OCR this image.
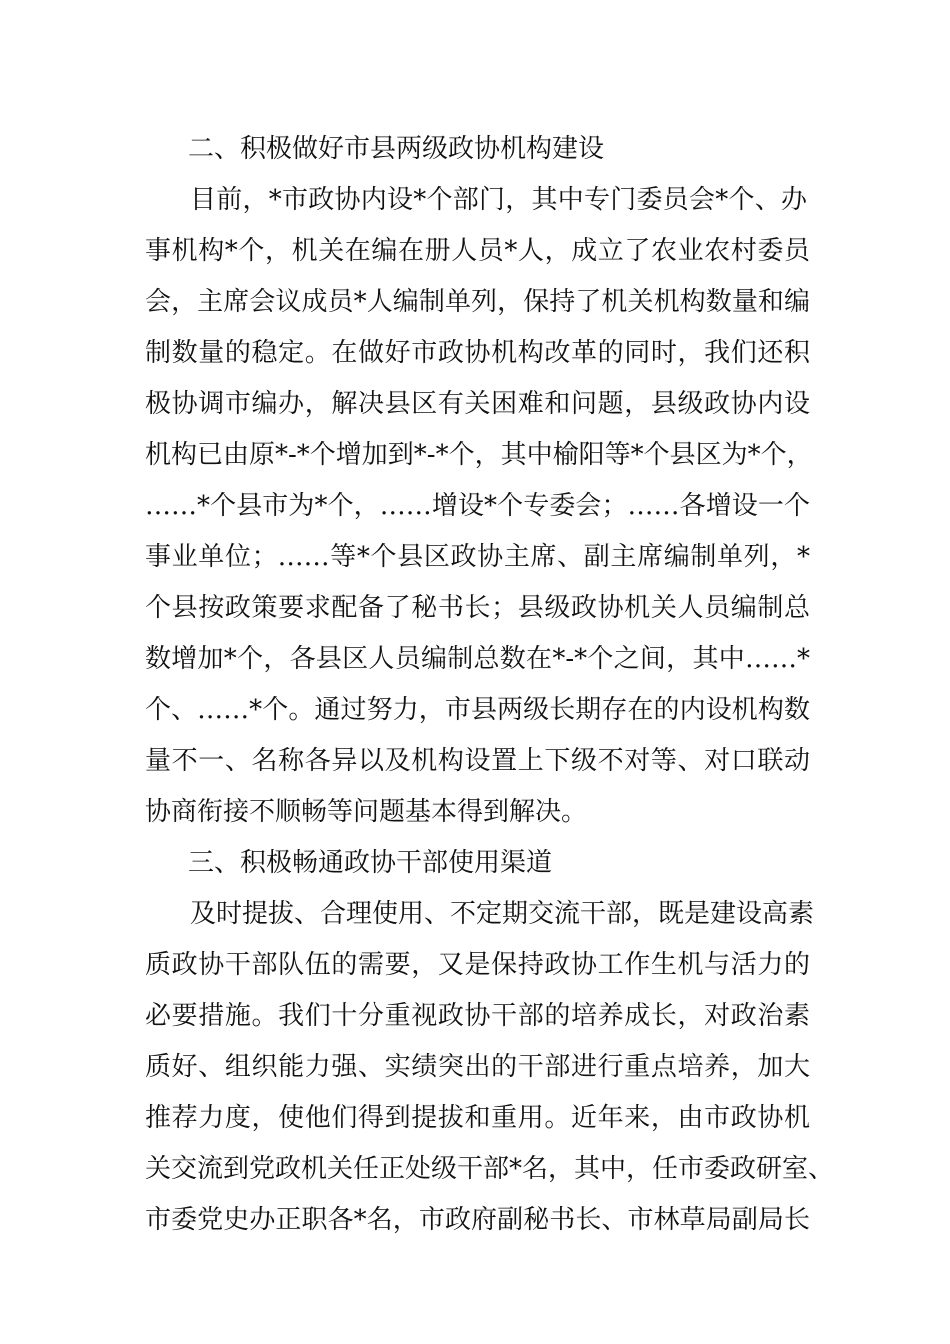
二、积极做好市县两级政协机构建设
目前，*市政协内设*个部门，其中专门委员会*个、办
事机构*个，机关在编在册人员*人，成立了农业农村委员
会，主席会议成员*人编制单列，保持了机关机构数量和编
制数量的稳定。在做好市政协机构改革的同时，我们还积
极协调市编办，解决县区有关困难和问题，县级政协内设
机构已由原*-*个增加到*-*个，其中榆阳等*个县区为*个，
……*个县市为*个，……增设*个专委会；……各增设一个
事业单位；……等*个县区政协主席、副主席编制单列，*
个县按政策要求配备了秘书长；县级政协机关人员编制总
数增加*个，各县区人员编制总数在*-*个之间，其中……*
个、……*个。通过努力，市县两级长期存在的内设机构数
量不一、名称各异以及机构设置上下级不对等、对口联动
协商衔接不顺畅等问题基本得到解决。
三、积极畅通政协干部使用渠道
及时提拔、合理使用、不定期交流干部，既是建设高素
质政协干部队伍的需要，又是保持政协工作生机与活力的
必要措施。我们十分重视政协干部的培养成长，对政治素
质好、组织能力强、实绩突出的干部进行重点培养，加大
推荐力度，使他们得到提拔和重用。近年来，由市政协机
关交流到党政机关任正处级干部*名，其中，任市委政研室、
市委党史办正职各*名，市政府副秘书长、市林草局副局长
